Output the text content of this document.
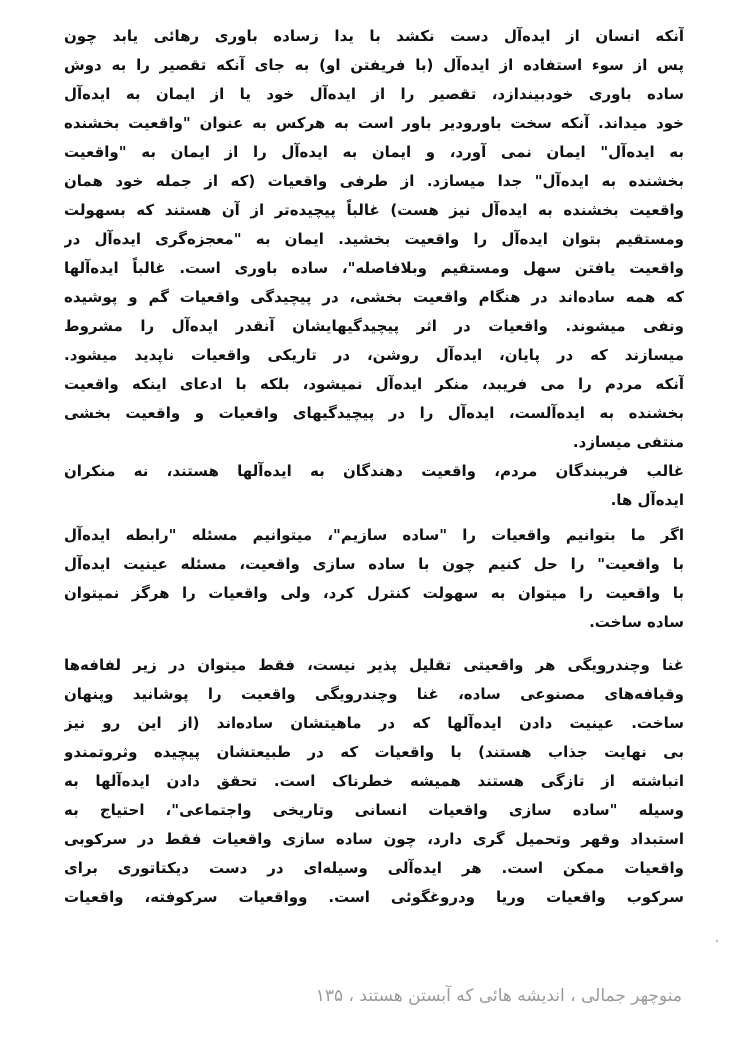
آنکه انسان از ایده‌آل دست نکشد با یدا زساده باوری رهائی یابد چون
پس از سوء استفاده از ایده‌آل (با فریفتن او) به جای آنکه تقصیر را به دوش
ساده باوری خودبیندازد، تقصیر را از ایده‌آل خود یا از ایمان به ایده‌آل
خود میداند. آنکه سخت باورودیر باور است به هرکس به عنوان "واقعیت بخشنده
به ایده‌آل" ایمان نمی آورد، و ایمان به ایده‌آل را از ایمان به "واقعیت
بخشنده به ایده‌آل" جدا میسازد. از طرفی واقعیات (که از جمله خود همان
واقعیت بخشنده به ایده‌آل نیز هست) غالباً پیچیده‌تر از آن هستند که بسهولت
ومستقیم بتوان ایده‌آل را واقعیت بخشید. ایمان به "معجزه‌گری ایده‌آل در
واقعیت یافتن سهل ومستقیم وبلافاصله"، ساده باوری است. غالباً ایده‌آلها
که همه ساده‌اند در هنگام واقعیت بخشی، در پیچیدگی واقعیات گم و پوشیده
ونفی میشوند. واقعیات در اثر پیچیدگیهایشان آنقدر ایده‌آل را مشروط
میسازند که در پایان، ایده‌آل روشن، در تاریکی واقعیات ناپدید میشود.
آنکه مردم را می فریبد، منکر ایده‌آل نمیشود، بلکه با ادعای اینکه واقعیت
بخشنده به ایده‌آلست، ایده‌آل را در پیچیدگیهای واقعیات و واقعیت بخشی
منتفی میسازد.
غالب فریبندگان مردم، واقعیت دهندگان به ایده‌آلها هستند، نه منکران
ایده‌آل ها.
اگر ما بتوانیم واقعیات را "ساده سازیم"، میتوانیم مسئله "رابطه ایده‌آل
با واقعیت" را حل کنیم چون با ساده سازی واقعیت، مسئله عینیت ایده‌آل
با واقعیت را میتوان به سهولت کنترل کرد، ولی واقعیات را هرگز نمیتوان
ساده ساخت.
غنا وچندرویگی هر واقعیتی تقلیل پذیر نیست، فقط میتوان در زیر لفافه‌ها
وقیافه‌های مصنوعی ساده، غنا وچندرویگی واقعیت را پوشانید وپنهان
ساخت. عینیت دادن ایده‌آلها که در ماهیتشان ساده‌اند (از این رو نیز
بی نهایت جذاب هستند) با واقعیات که در طبیعتشان پیچیده وثروتمندو
انباشته از تازگی هستند همیشه خطرناک است. تحقق دادن ایده‌آلها به
وسیله "ساده سازی واقعیات انسانی وتاریخی واجتماعی"، احتیاج به
استبداد وقهر وتحمیل گری دارد، چون ساده سازی واقعیات فقط در سرکوبی
واقعیات ممکن است. هر ایده‌آلی وسیله‌ای در دست دیکتاتوری برای
سرکوب واقعیات وریا ودروغگوئی است. وواقعیات سرکوفته، واقعیات
منوچهر جمالی ، اندیشه هائی که آبستن هستند ، ۱۳۵
